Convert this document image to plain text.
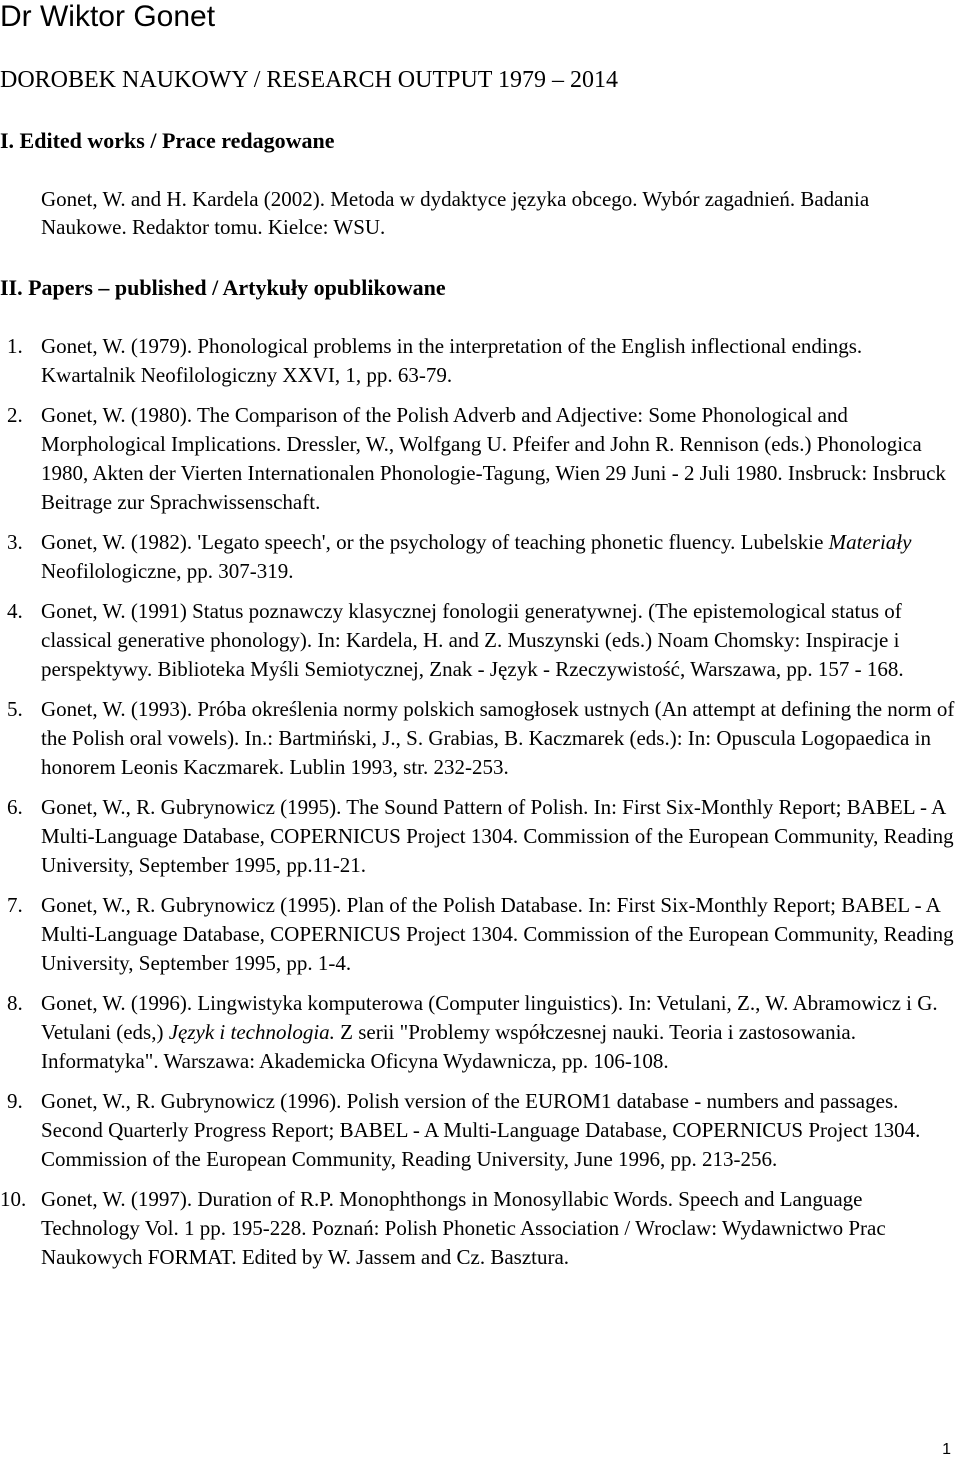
Dr Wiktor Gonet
DOROBEK NAUKOWY / RESEARCH OUTPUT 1979 – 2014
I. Edited works / Prace redagowane

Gonet, W. and H. Kardela (2002). Metoda w dydaktyce języka obcego. Wybór zagadnień. Badania Naukowe. Redaktor tomu. Kielce: WSU.

II. Papers – published / Artykuły opublikowane
1. Gonet, W. (1979). Phonological problems in the interpretation of the English inflectional endings. Kwartalnik Neofilologiczny XXVI, 1, pp. 63-79.
2. Gonet, W. (1980). The Comparison of the Polish Adverb and Adjective: Some Phonological and Morphological Implications. Dressler, W., Wolfgang U. Pfeifer and John R. Rennison (eds.) Phonologica 1980, Akten der Vierten Internationalen Phonologie-Tagung, Wien 29 Juni - 2 Juli 1980. Insbruck: Insbruck Beitrage zur Sprachwissenschaft.
3. Gonet, W. (1982). 'Legato speech', or the psychology of teaching phonetic fluency. Lubelskie Materiały Neofilologiczne, pp. 307-319.
4. Gonet, W. (1991) Status poznawczy klasycznej fonologii generatywnej. (The epistemological status of classical generative phonology). In: Kardela, H. and Z. Muszynski (eds.) Noam Chomsky: Inspiracje i perspektywy. Biblioteka Myśli Semiotycznej, Znak - Język - Rzeczywistość, Warszawa, pp. 157 - 168.
5. Gonet, W. (1993). Próba określenia normy polskich samogłosek ustnych (An attempt at defining the norm of the Polish oral vowels). In.: Bartmiński, J., S. Grabias, B. Kaczmarek (eds.): In: Opuscula Logopaedica in honorem Leonis Kaczmarek. Lublin 1993, str. 232-253.
6. Gonet, W., R. Gubrynowicz (1995). The Sound Pattern of Polish. In: First Six-Monthly Report; BABEL - A Multi-Language Database, COPERNICUS Project 1304. Commission of the European Community, Reading University, September 1995, pp.11-21.
7. Gonet, W., R. Gubrynowicz (1995). Plan of the Polish Database. In: First Six-Monthly Report; BABEL - A Multi-Language Database, COPERNICUS Project 1304. Commission of the European Community, Reading University, September 1995, pp. 1-4.
8. Gonet, W. (1996). Lingwistyka komputerowa (Computer linguistics). In: Vetulani, Z., W. Abramowicz i G. Vetulani (eds,) Język i technologia. Z serii "Problemy współczesnej nauki. Teoria i zastosowania. Informatyka". Warszawa: Akademicka Oficyna Wydawnicza, pp. 106-108.
9. Gonet, W., R. Gubrynowicz (1996). Polish version of the EUROM1 database - numbers and passages. Second Quarterly Progress Report; BABEL - A Multi-Language Database, COPERNICUS Project 1304. Commission of the European Community, Reading University, June 1996, pp. 213-256.
10. Gonet, W. (1997). Duration of R.P. Monophthongs in Monosyllabic Words. Speech and Language Technology Vol. 1 pp. 195-228. Poznań: Polish Phonetic Association / Wroclaw: Wydawnictwo Prac Naukowych FORMAT. Edited by W. Jassem and Cz. Basztura.
1
